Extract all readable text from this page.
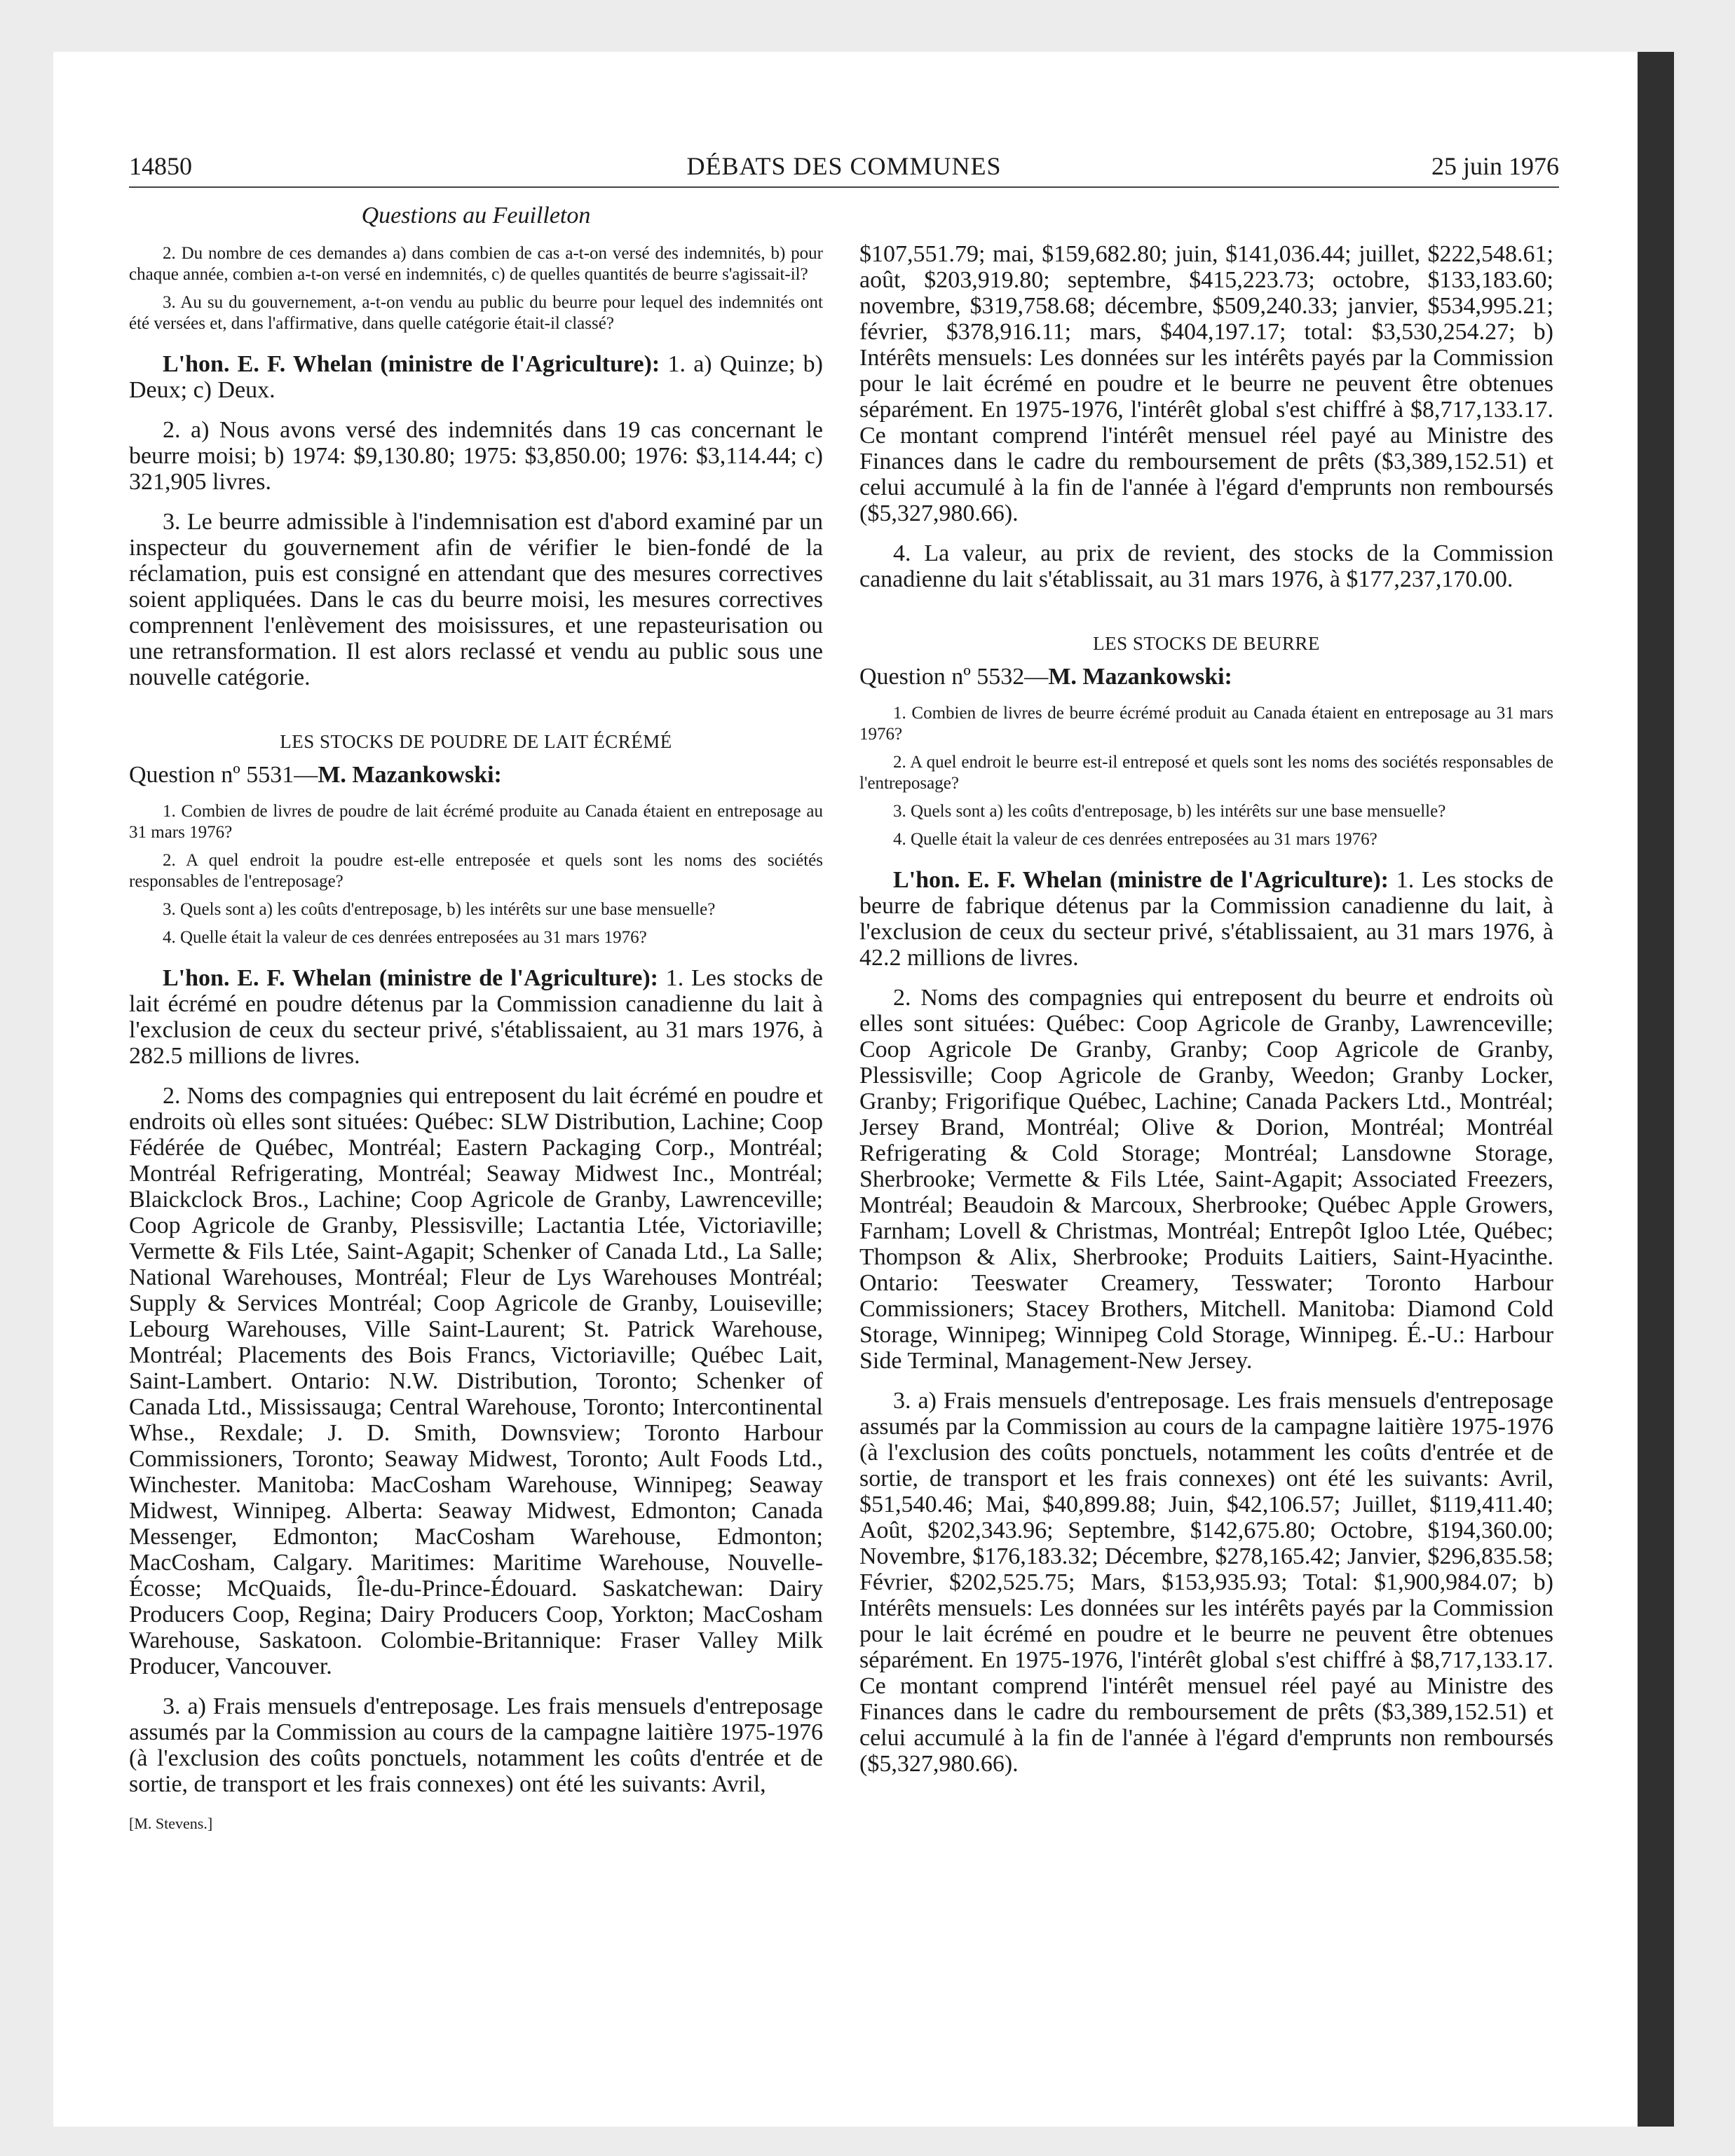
DÉBATS DES COMMUNES
14850	25 juin 1976

Questions au Feuilleton

2. Du nombre de ces demandes a) dans combien de cas a-t-on versé des indemnités, b) pour chaque année, combien a-t-on versé en indemnités, c) de quelles quantités de beurre s'agissait-il?

3. Au su du gouvernement, a-t-on vendu au public du beurre pour lequel des indemnités ont été versées et, dans l'affirmative, dans quelle catégorie était-il classé?

L'hon. E. F. Whelan (ministre de l'Agriculture): 1. a) Quinze; b) Deux; c) Deux.

2. a) Nous avons versé des indemnités dans 19 cas concernant le beurre moisi; b) 1974: $9,130.80; 1975: $3,850.00; 1976: $3,114.44; c) 321,905 livres.

3. Le beurre admissible à l'indemnisation est d'abord examiné par un inspecteur du gouvernement afin de vérifier le bien-fondé de la réclamation, puis est consigné en attendant que des mesures correctives soient appliquées. Dans le cas du beurre moisi, les mesures correctives comprennent l'enlèvement des moisissures, et une repasteurisation ou une retransformation. Il est alors reclassé et vendu au public sous une nouvelle catégorie.

LES STOCKS DE POUDRE DE LAIT ÉCRÉMÉ

Question nº 5531—M. Mazankowski:

1. Combien de livres de poudre de lait écrémé produite au Canada étaient en entreposage au 31 mars 1976?

2. A quel endroit la poudre est-elle entreposée et quels sont les noms des sociétés responsables de l'entreposage?

3. Quels sont a) les coûts d'entreposage, b) les intérêts sur une base mensuelle?

4. Quelle était la valeur de ces denrées entreposées au 31 mars 1976?

L'hon. E. F. Whelan (ministre de l'Agriculture): 1. Les stocks de lait écrémé en poudre détenus par la Commission canadienne du lait à l'exclusion de ceux du secteur privé, s'établissaient, au 31 mars 1976, à 282.5 millions de livres.

2. Noms des compagnies qui entreposent du lait écrémé en poudre et endroits où elles sont situées: Québec: SLW Distribution, Lachine; Coop Fédérée de Québec, Montréal; Eastern Packaging Corp., Montréal; Montréal Refrigerating, Montréal; Seaway Midwest Inc., Montréal; Blaickclock Bros., Lachine; Coop Agricole de Granby, Lawrenceville; Coop Agricole de Granby, Plessisville; Lactantia Ltée, Victoriaville; Vermette & Fils Ltée, Saint-Agapit; Schenker of Canada Ltd., La Salle; National Warehouses, Montréal; Fleur de Lys Warehouses Montréal; Supply & Services Montréal; Coop Agricole de Granby, Louiseville; Lebourg Warehouses, Ville Saint-Laurent; St. Patrick Warehouse, Montréal; Placements des Bois Francs, Victoriaville; Québec Lait, Saint-Lambert. Ontario: N.W. Distribution, Toronto; Schenker of Canada Ltd., Mississauga; Central Warehouse, Toronto; Intercontinental Whse., Rexdale; J. D. Smith, Downsview; Toronto Harbour Commissioners, Toronto; Seaway Midwest, Toronto; Ault Foods Ltd., Winchester. Manitoba: MacCosham Warehouse, Winnipeg; Seaway Midwest, Winnipeg. Alberta: Seaway Midwest, Edmonton; Canada Messenger, Edmonton; MacCosham Warehouse, Edmonton; MacCosham, Calgary. Maritimes: Maritime Warehouse, Nouvelle-Écosse; McQuaids, Île-du-Prince-Édouard. Saskatchewan: Dairy Producers Coop, Regina; Dairy Producers Coop, Yorkton; MacCosham Warehouse, Saskatoon. Colombie-Britannique: Fraser Valley Milk Producer, Vancouver.

3. a) Frais mensuels d'entreposage. Les frais mensuels d'entreposage assumés par la Commission au cours de la campagne laitière 1975-1976 (à l'exclusion des coûts ponctuels, notamment les coûts d'entrée et de sortie, de transport et les frais connexes) ont été les suivants: Avril,

[M. Stevens.]

$107,551.79; mai, $159,682.80; juin, $141,036.44; juillet, $222,548.61; août, $203,919.80; septembre, $415,223.73; octobre, $133,183.60; novembre, $319,758.68; décembre, $509,240.33; janvier, $534,995.21; février, $378,916.11; mars, $404,197.17; total: $3,530,254.27; b) Intérêts mensuels: Les données sur les intérêts payés par la Commission pour le lait écrémé en poudre et le beurre ne peuvent être obtenues séparément. En 1975-1976, l'intérêt global s'est chiffré à $8,717,133.17. Ce montant comprend l'intérêt mensuel réel payé au Ministre des Finances dans le cadre du remboursement de prêts ($3,389,152.51) et celui accumulé à la fin de l'année à l'égard d'emprunts non remboursés ($5,327,980.66).

4. La valeur, au prix de revient, des stocks de la Commission canadienne du lait s'établissait, au 31 mars 1976, à $177,237,170.00.

LES STOCKS DE BEURRE

Question nº 5532—M. Mazankowski:

1. Combien de livres de beurre écrémé produit au Canada étaient en entreposage au 31 mars 1976?

2. A quel endroit le beurre est-il entreposé et quels sont les noms des sociétés responsables de l'entreposage?

3. Quels sont a) les coûts d'entreposage, b) les intérêts sur une base mensuelle?

4. Quelle était la valeur de ces denrées entreposées au 31 mars 1976?

L'hon. E. F. Whelan (ministre de l'Agriculture): 1. Les stocks de beurre de fabrique détenus par la Commission canadienne du lait, à l'exclusion de ceux du secteur privé, s'établissaient, au 31 mars 1976, à 42.2 millions de livres.

2. Noms des compagnies qui entreposent du beurre et endroits où elles sont situées: Québec: Coop Agricole de Granby, Lawrenceville; Coop Agricole De Granby, Granby; Coop Agricole de Granby, Plessisville; Coop Agricole de Granby, Weedon; Granby Locker, Granby; Frigorifique Québec, Lachine; Canada Packers Ltd., Montréal; Jersey Brand, Montréal; Olive & Dorion, Montréal; Montréal Refrigerating & Cold Storage; Montréal; Lansdowne Storage, Sherbrooke; Vermette & Fils Ltée, Saint-Agapit; Associated Freezers, Montréal; Beaudoin & Marcoux, Sherbrooke; Québec Apple Growers, Farnham; Lovell & Christmas, Montréal; Entrepôt Igloo Ltée, Québec; Thompson & Alix, Sherbrooke; Produits Laitiers, Saint-Hyacinthe. Ontario: Teeswater Creamery, Tesswater; Toronto Harbour Commissioners; Stacey Brothers, Mitchell. Manitoba: Diamond Cold Storage, Winnipeg; Winnipeg Cold Storage, Winnipeg. É.-U.: Harbour Side Terminal, Management-New Jersey.

3. a) Frais mensuels d'entreposage. Les frais mensuels d'entreposage assumés par la Commission au cours de la campagne laitière 1975-1976 (à l'exclusion des coûts ponctuels, notamment les coûts d'entrée et de sortie, de transport et les frais connexes) ont été les suivants: Avril, $51,540.46; Mai, $40,899.88; Juin, $42,106.57; Juillet, $119,411.40; Août, $202,343.96; Septembre, $142,675.80; Octobre, $194,360.00; Novembre, $176,183.32; Décembre, $278,165.42; Janvier, $296,835.58; Février, $202,525.75; Mars, $153,935.93; Total: $1,900,984.07; b) Intérêts mensuels: Les données sur les intérêts payés par la Commission pour le lait écrémé en poudre et le beurre ne peuvent être obtenues séparément. En 1975-1976, l'intérêt global s'est chiffré à $8,717,133.17. Ce montant comprend l'intérêt mensuel réel payé au Ministre des Finances dans le cadre du remboursement de prêts ($3,389,152.51) et celui accumulé à la fin de l'année à l'égard d'emprunts non remboursés ($5,327,980.66).
